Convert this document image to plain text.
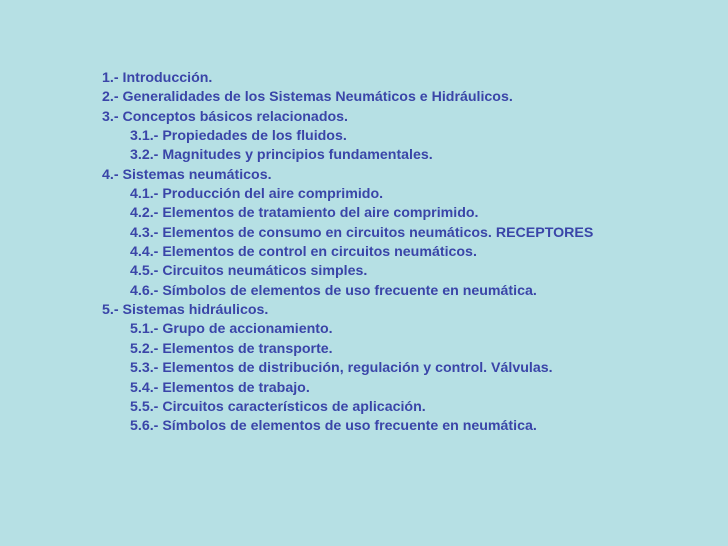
1.- Introducción.
2.- Generalidades de los Sistemas Neumáticos e Hidráulicos.
3.- Conceptos básicos relacionados.
3.1.- Propiedades de los fluidos.
3.2.- Magnitudes y principios fundamentales.
4.- Sistemas neumáticos.
4.1.- Producción del aire comprimido.
4.2.- Elementos de tratamiento del aire comprimido.
4.3.- Elementos de consumo en circuitos neumáticos. RECEPTORES
4.4.- Elementos de control en circuitos neumáticos.
4.5.- Circuitos neumáticos simples.
4.6.- Símbolos de elementos de uso frecuente en neumática.
5.- Sistemas hidráulicos.
5.1.- Grupo de accionamiento.
5.2.- Elementos de transporte.
5.3.- Elementos de distribución, regulación y control. Válvulas.
5.4.- Elementos de trabajo.
5.5.- Circuitos característicos de aplicación.
5.6.- Símbolos de elementos de uso frecuente en neumática.
